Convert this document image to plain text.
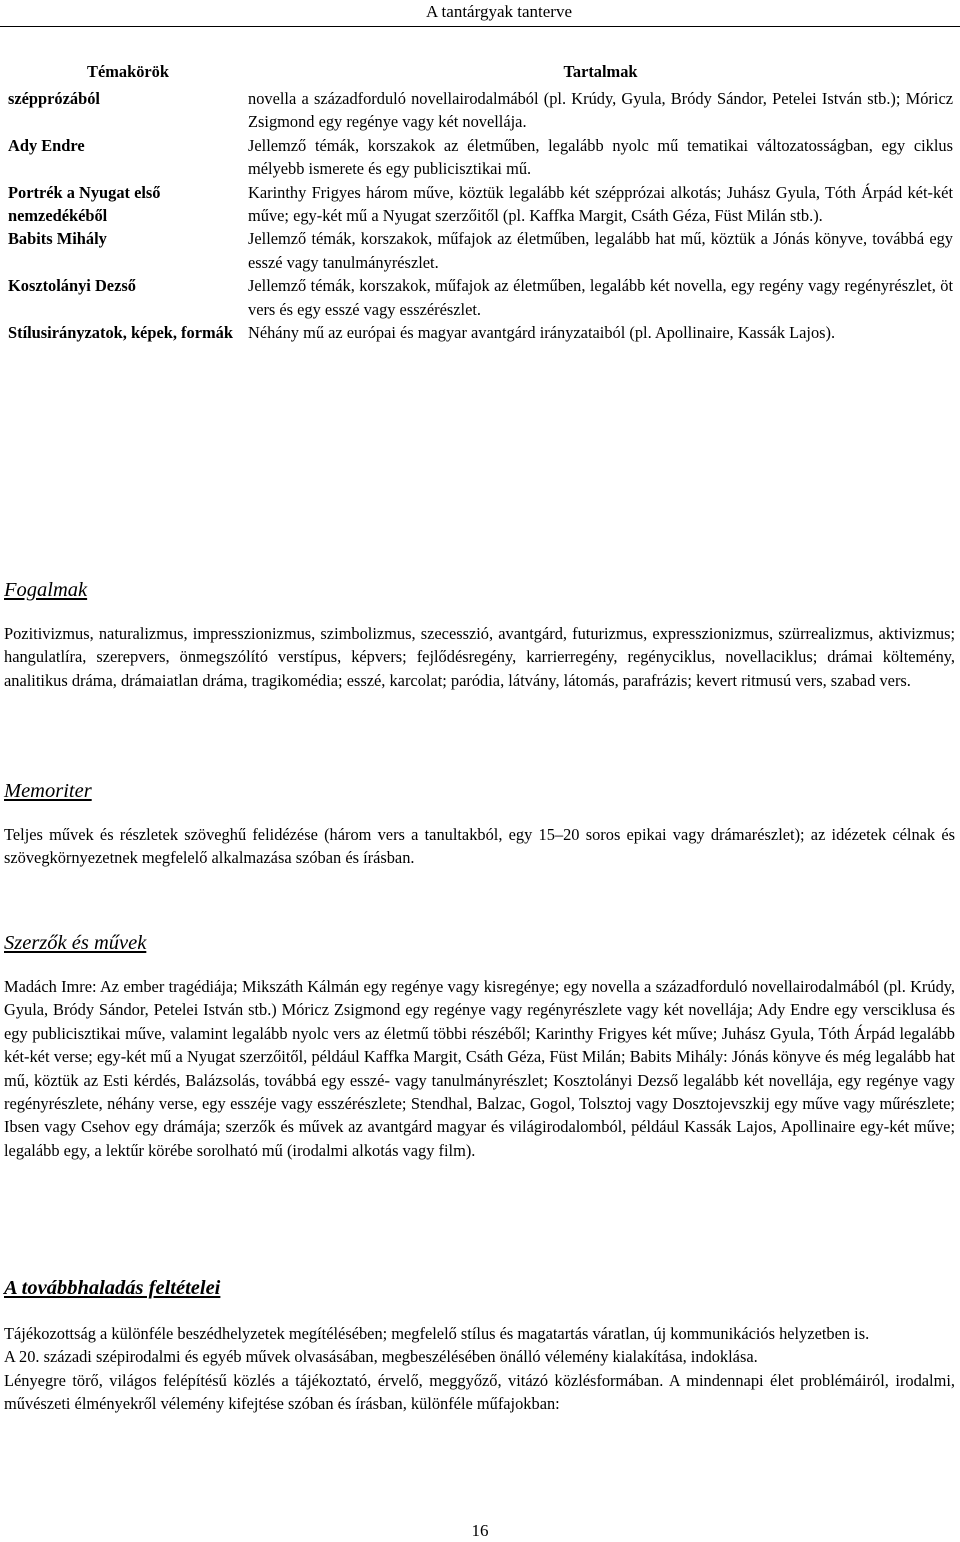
A tantárgyak tanterve
Témakörök	Tartalmak
szépprózából	novella a századforduló novellairodalmából (pl. Krúdy, Gyula, Bródy Sándor, Petelei István stb.); Móricz Zsigmond egy regénye vagy két novellája.
Ady Endre	Jellemző témák, korszakok az életműben, legalább nyolc mű tematikai változatosságban, egy ciklus mélyebb ismerete és egy publicisztikai mű.
Portrék a Nyugat első nemzedékéből	Karinthy Frigyes három műve, köztük legalább két szépprózai alkotás; Juhász Gyula, Tóth Árpád két-két műve; egy-két mű a Nyugat szerzőitől (pl. Kaffka Margit, Csáth Géza, Füst Milán stb.).
Babits Mihály	Jellemző témák, korszakok, műfajok az életműben, legalább hat mű, köztük a Jónás könyve, továbbá egy esszé vagy tanulmányrészlet.
Kosztolányi Dezső	Jellemző témák, korszakok, műfajok az életműben, legalább két novella, egy regény vagy regényrészlet, öt vers és egy esszé vagy esszérészlet.
Stílusirányzatok, képek, formák	Néhány mű az európai és magyar avantgárd irányzataiból (pl. Apollinaire, Kassák Lajos).
Fogalmak

Pozitivizmus, naturalizmus, impresszionizmus, szimbolizmus, szecesszió, avantgárd, futurizmus, expresszionizmus, szürrealizmus, aktivizmus; hangulatlíra, szerepvers, önmegszólító verstípus, képvers; fejlődésregény, karrierregény, regényciklus, novellaciklus; drámai költemény, analitikus dráma, drámaiatlan dráma, tragikomédia; esszé, karcolat; paródia, látvány, látomás, parafrázis; kevert ritmusú vers, szabad vers.

Memoriter

Teljes művek és részletek szöveghű felidézése (három vers a tanultakból, egy 15–20 soros epikai vagy drámarészlet); az idézetek célnak és szövegkörnyezetnek megfelelő alkalmazása szóban és írásban.

Szerzők és művek

Madách Imre: Az ember tragédiája; Mikszáth Kálmán egy regénye vagy kisregénye; egy novella a századforduló novellairodalmából (pl. Krúdy, Gyula, Bródy Sándor, Petelei István stb.) Móricz Zsigmond egy regénye vagy regényrészlete vagy két novellája; Ady Endre egy versciklusa és egy publicisztikai műve, valamint legalább nyolc vers az életmű többi részéből; Karinthy Frigyes két műve; Juhász Gyula, Tóth Árpád legalább két-két verse; egy-két mű a Nyugat szerzőitől, például Kaffka Margit, Csáth Géza, Füst Milán; Babits Mihály: Jónás könyve és még legalább hat mű, köztük az Esti kérdés, Balázsolás, továbbá egy esszé- vagy tanulmányrészlet; Kosztolányi Dezső legalább két novellája, egy regénye vagy regényrészlete, néhány verse, egy esszéje vagy esszérészlete; Stendhal, Balzac, Gogol, Tolsztoj vagy Dosztojevszkij egy műve vagy műrészlete; Ibsen vagy Csehov egy drámája; szerzők és művek az avantgárd magyar és világirodalomból, például Kassák Lajos, Apollinaire egy-két műve; legalább egy, a lektűr körébe sorolható mű (irodalmi alkotás vagy film).

A továbbhaladás feltételei

Tájékozottság a különféle beszédhelyzetek megítélésében; megfelelő stílus és magatartás váratlan, új kommunikációs helyzetben is.

A 20. századi szépirodalmi és egyéb művek olvasásában, megbeszélésében önálló vélemény kialakítása, indoklása.

Lényegre törő, világos felépítésű közlés a tájékoztató, érvelő, meggyőző, vitázó közlésformában. A mindennapi élet problémáiról, irodalmi, művészeti élményekről vélemény kifejtése szóban és írásban, különféle műfajokban:

16
